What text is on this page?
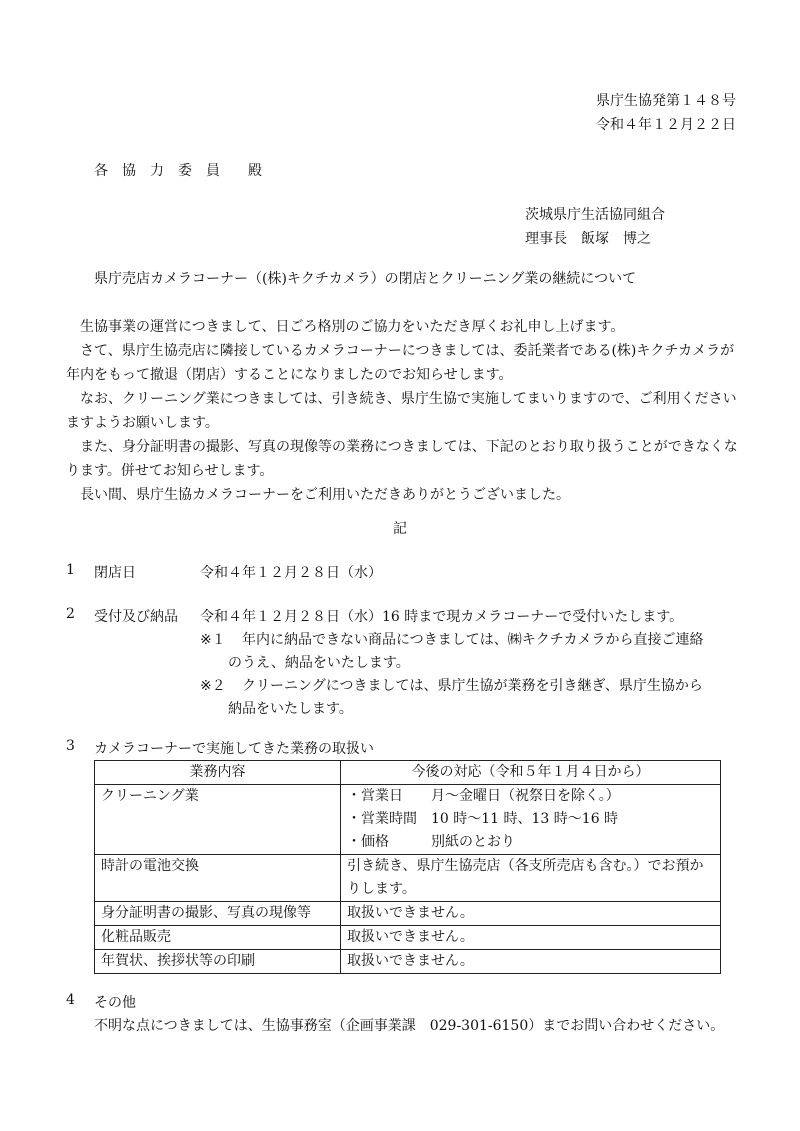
県庁生協発第１４８号
令和４年１２月２２日
各　協　力　委　員　　殿
茨城県庁生活協同組合
理事長　飯塚　博之
県庁売店カメラコーナー（(株)キクチカメラ）の閉店とクリーニング業の継続について

生協事業の運営につきまして、日ごろ格別のご協力をいただき厚くお礼申し上げます。

さて、県庁生協売店に隣接しているカメラコーナーにつきましては、委託業者である(株)キクチカメラが年内をもって撤退（閉店）することになりましたのでお知らせします。

なお、クリーニング業につきましては、引き続き、県庁生協で実施してまいりますので、ご利用くださいますようお願いします。

また、身分証明書の撮影、写真の現像等の業務につきましては、下記のとおり取り扱うことができなくなります。併せてお知らせします。

長い間、県庁生協カメラコーナーをご利用いただきありがとうございました。

記
1 閉店日	令和４年１２月２８日（水）
2 受付及び納品 令和４年１２月２８日（水）16 時まで現カメラコーナーで受付いたします。
※１ 年内に納品できない商品につきましては、㈱キクチカメラから直接ご連絡
のうえ、納品をいたします。
※２ クリーニングにつきましては、県庁生協が業務を引き継ぎ、県庁生協から
納品をいたします。
3 カメラコーナーで実施してきた業務の取扱い
業務内容	今後の対応（令和５年１月４日から）
クリーニング業	・営業日　　月～金曜日（祝祭日を除く。）
・営業時間　10 時～11 時、13 時～16 時
・価格　　　別紙のとおり

時計の電池交換	引き続き、県庁生協売店（各支所売店も含む。）でお預か
りします。

身分証明書の撮影、写真の現像等	取扱いできません。

化粧品販売	取扱いできません。

年賀状、挨拶状等の印刷	取扱いできません。
4 その他
不明な点につきましては、生協事務室（企画事業課　029-301-6150）までお問い合わせください。
